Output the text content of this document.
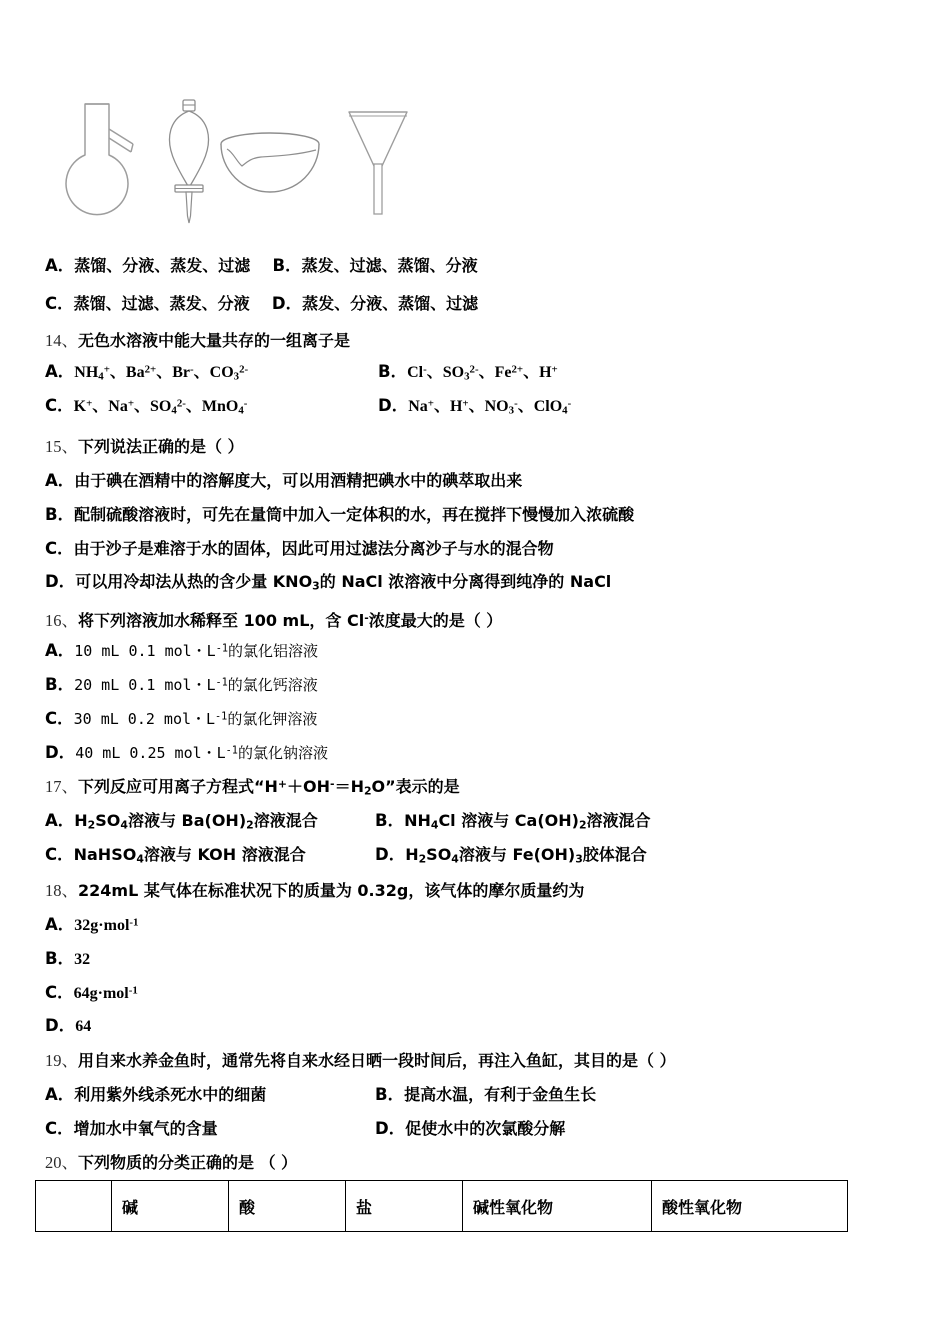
A．蒸馏、分液、蒸发、过滤 B．蒸发、过滤、蒸馏、分液
C．蒸馏、过滤、蒸发、分液 D．蒸发、分液、蒸馏、过滤
14、无色水溶液中能大量共存的一组离子是
A．$NH_4^+$、$Ba^{2+}$、Br-、$CO_3^{2-}$	B．Cl-、$SO_3^{2-}$、$Fe^{2+}$、H+
C．K+、Na+、$SO_4^{2-}$、MnO$_4$-	D．Na+、H+、$NO_3^-$、ClO$_4$-
15、下列说法正确的是（ ）
A．由于碘在酒精中的溶解度大，可以用酒精把碘水中的碘萃取出来
B．配制硫酸溶液时，可先在量筒中加入一定体积的水，再在搅拌下慢慢加入浓硫酸
C．由于沙子是难溶于水的固体，因此可用过滤法分离沙子与水的混合物
D．可以用冷却法从热的含少量 $KNO_3$的 NaCl 浓溶液中分离得到纯净的 NaCl
16、将下列溶液加水稀释至 100 mL，含 Cl-浓度最大的是（ ）
A．10 mL 0.1 mol・$L^{-1}$的氯化铝溶液
B．20 mL 0.1 mol・$L^{-1}$的氯化钙溶液
C．30 mL 0.2 mol・$L^{-1}$的氯化钾溶液
D．40 mL 0.25 mol・$L^{-1}$的氯化钠溶液
17、下列反应可用离子方程式“$H^++OH^-=H_2O$”表示的是
A．$H_2SO_4$溶液与 $Ba(OH)_2$溶液混合	B．$NH_4Cl$ 溶液与 $Ca(OH)_2$溶液混合
C．NaHSO$_4$溶液与 KOH 溶液混合	D．$H_2SO_4$溶液与 $Fe(OH)_3$胶体混合
18、224mL 某气体在标准状况下的质量为 0.32g，该气体的摩尔质量约为
A．32g·mol$^{-1}$
B．32
C．64g·mol$^{-1}$
D．64
19、用自来水养金鱼时，通常先将自来水经日晒一段时间后，再注入鱼缸，其目的是（ ）
A．利用紫外线杀死水中的细菌	B．提高水温，有利于金鱼生长
C．增加水中氧气的含量	D．促使水中的次氯酸分解
20、下列物质的分类正确的是 （ ）
	碱	酸	盐	碱性氧化物	酸性氧化物
